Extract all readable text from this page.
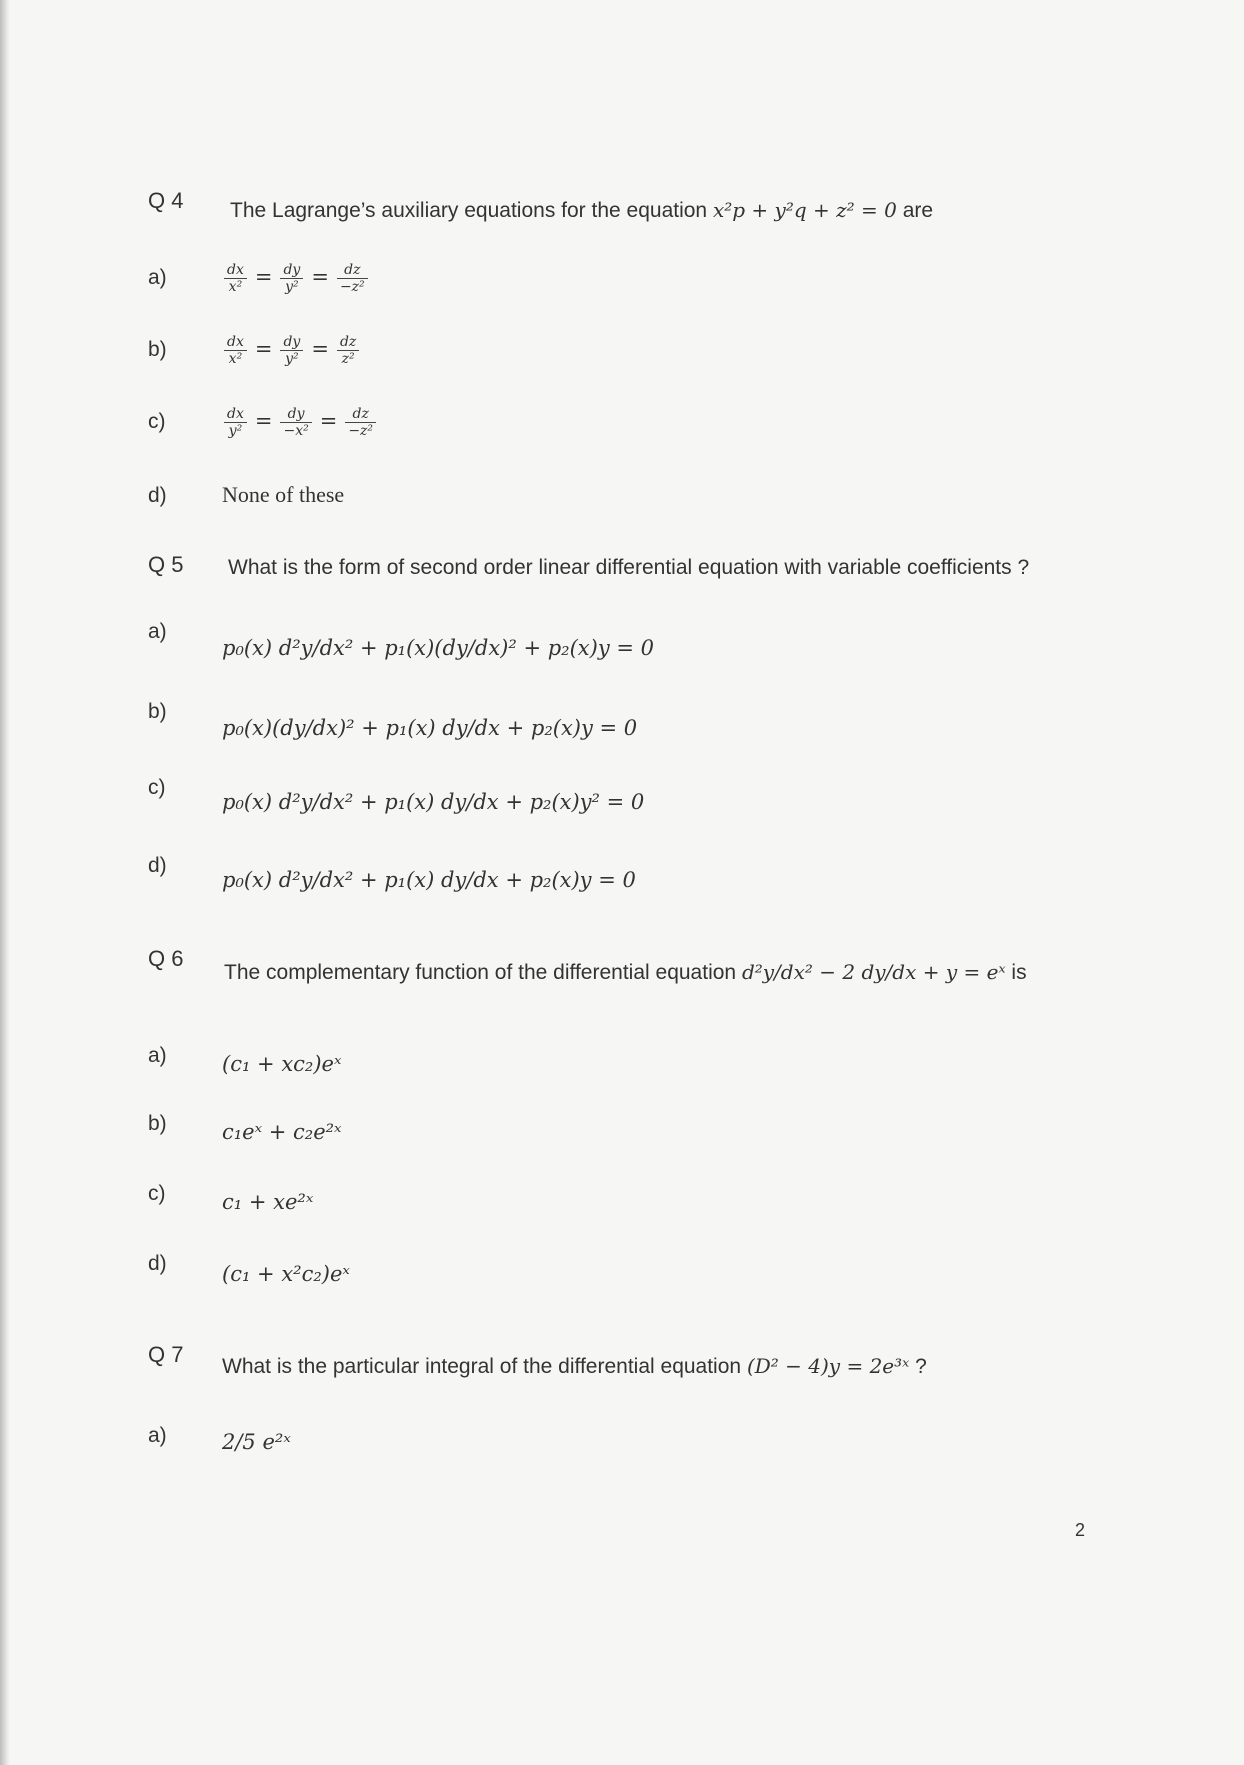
Q 4 The Lagrange’s auxiliary equations for the equation x²p + y²q + z² = 0 are
a)	$\frac{dx}{\text{x²}} = \frac{dy}{\text{y²}} = \frac{dz}{\text{−z²}}$
b)	$\frac{dx}{\text{x²}} = \frac{dy}{\text{y²}} = \frac{dz}{\text{z²}}$
c)	$\frac{dx}{\text{y²}} = \frac{dy}{\text{−x²}} = \frac{dz}{\text{−z²}}$
d)	None of these
Q 5 What is the form of second order linear differential equation with variable coefficients ?
a)
p₀(x) d²y/dx² + p₁(x)(dy/dx)² + p₂(x)y = 0
b)
p₀(x)(dy/dx)² + p₁(x) dy/dx + p₂(x)y = 0
c)
p₀(x) d²y/dx² + p₁(x) dy/dx + p₂(x)y² = 0
d)
p₀(x) d²y/dx² + p₁(x) dy/dx + p₂(x)y = 0
Q 6
The complementary function of the differential equation d²y/dx² − 2 dy/dx + y = eˣ is
a)	(c₁ + xc₂)eˣ
b)	c₁eˣ + c₂e²ˣ
c)	c₁ + xe²ˣ
d)	(c₁ + x²c₂)eˣ
Q 7 What is the particular integral of the differential equation (D² − 4)y = 2e³ˣ ?
a)	2/5 e²ˣ
2
